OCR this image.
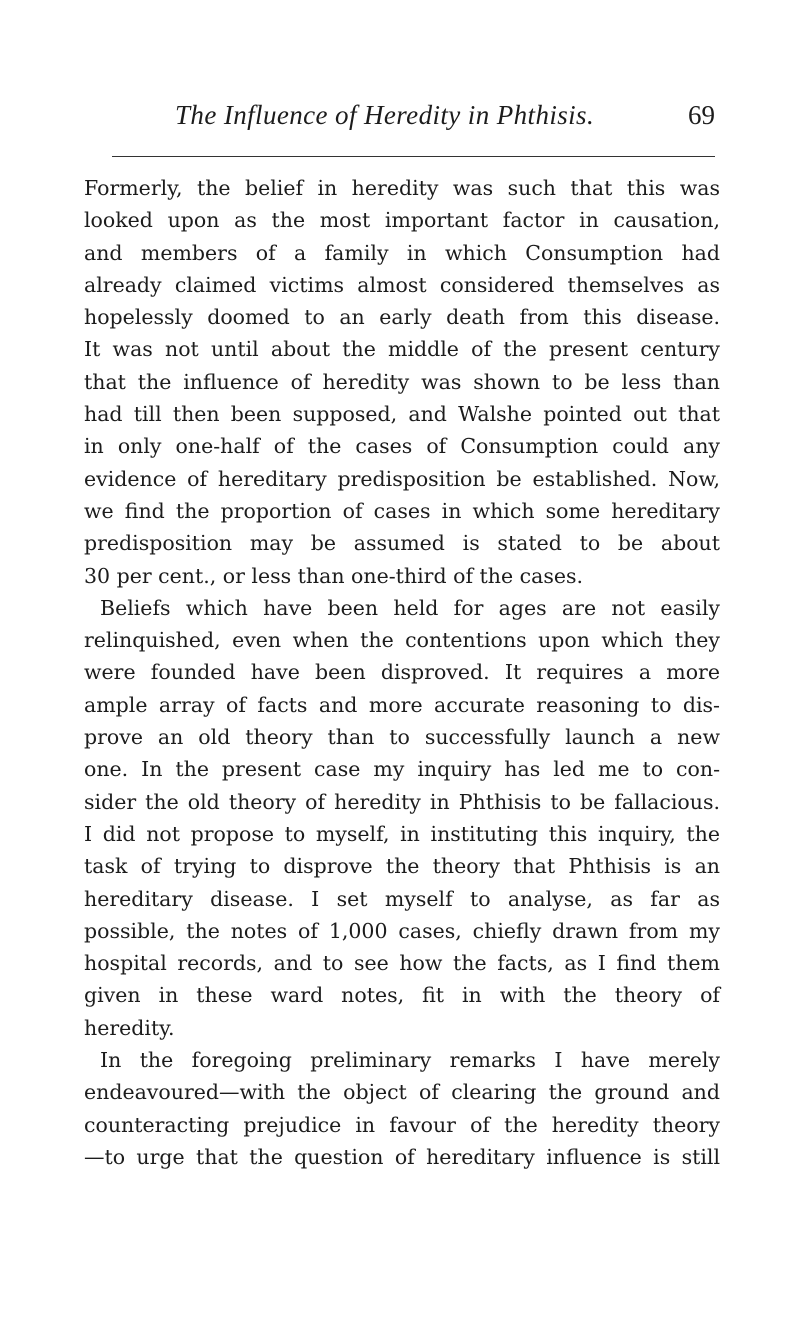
The Influence of Heredity in Phthisis.	69
Formerly, the belief in heredity was such that this was
looked upon as the most important factor in causation,
and members of a family in which Consumption had
already claimed victims almost considered themselves as
hopelessly doomed to an early death from this disease.
It was not until about the middle of the present century
that the influence of heredity was shown to be less than
had till then been supposed, and Walshe pointed out that
in only one-half of the cases of Consumption could any
evidence of hereditary predisposition be established. Now,
we find the proportion of cases in which some hereditary
predisposition may be assumed is stated to be about
30 per cent., or less than one-third of the cases.
Beliefs which have been held for ages are not easily
relinquished, even when the contentions upon which they
were founded have been disproved. It requires a more
ample array of facts and more accurate reasoning to dis-
prove an old theory than to successfully launch a new
one. In the present case my inquiry has led me to con-
sider the old theory of heredity in Phthisis to be fallacious.
I did not propose to myself, in instituting this inquiry, the
task of trying to disprove the theory that Phthisis is an
hereditary disease. I set myself to analyse, as far as
possible, the notes of 1,000 cases, chiefly drawn from my
hospital records, and to see how the facts, as I find them
given in these ward notes, fit in with the theory of
heredity.
In the foregoing preliminary remarks I have merely
endeavoured—with the object of clearing the ground and
counteracting prejudice in favour of the heredity theory
—to urge that the question of hereditary influence is still
